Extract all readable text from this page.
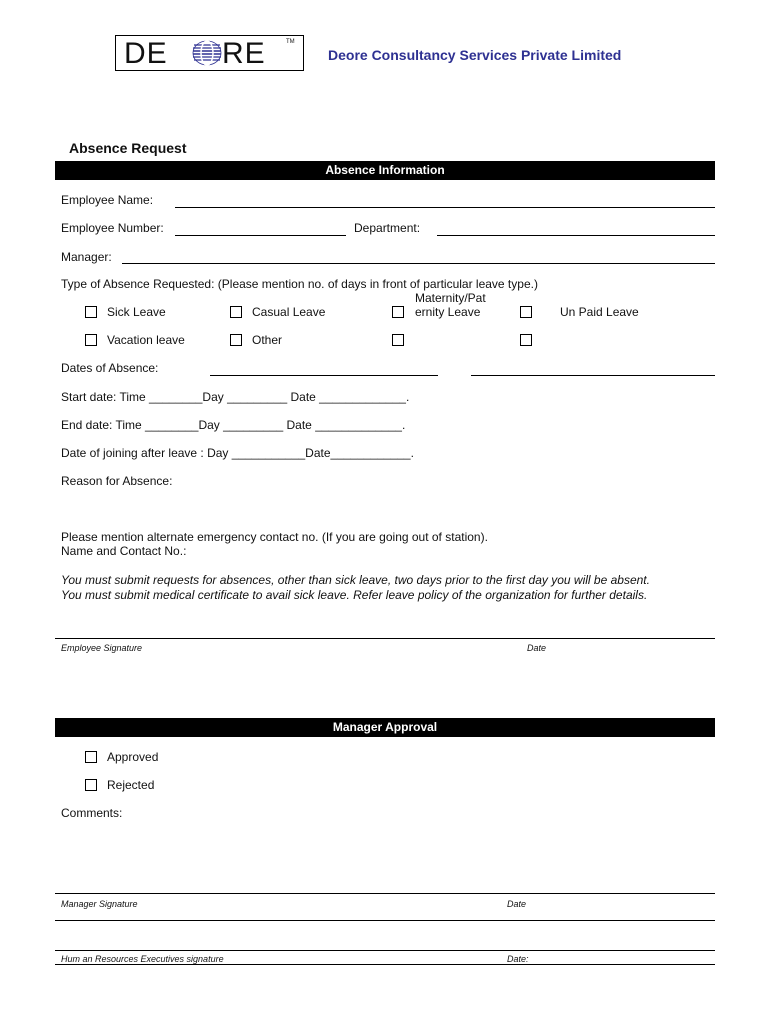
DE RE	TM
Deore Consultancy Services Private Limited
Absence Request
Absence Information
Employee Name:
Employee Number:	Department:
Manager:
Type of Absence Requested: (Please mention no. of days in front of particular leave type.)
Sick Leave	Casual Leave
Maternity/Pat
ernity Leave	Un Paid Leave
Vacation leave	Other
Dates of Absence:
Start date: Time ________Day _________ Date _____________.
End date: Time ________Day _________ Date _____________.
Date of joining after leave : Day ___________Date____________.
Reason for Absence:
Please mention alternate emergency contact no. (If you are going out of station).
Name and Contact No.:
You must submit requests for absences, other than sick leave, two days prior to the first day you will be absent.
You must submit medical certificate to avail sick leave. Refer leave policy of the organization for further details.
Employee Signature	Date
Manager Approval
Approved
Rejected
Comments:
Manager Signature	Date
Hum an Resources Executives signature	Date:
